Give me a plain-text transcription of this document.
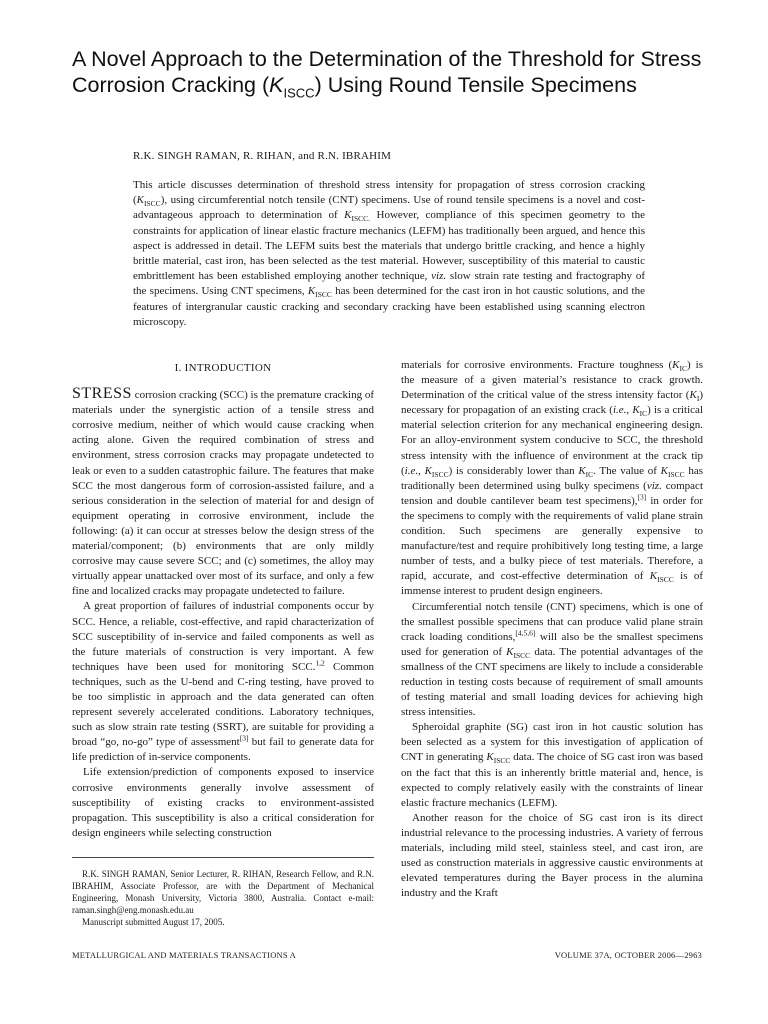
A Novel Approach to the Determination of the Threshold for Stress Corrosion Cracking $(K_{ISCC})$ Using Round Tensile Specimens
R.K. SINGH RAMAN, R. RIHAN, and R.N. IBRAHIM

This article discusses determination of threshold stress intensity for propagation of stress corrosion cracking $(K_{ISCC})$, using circumferential notch tensile (CNT) specimens. Use of round tensile specimens is a novel and cost-advantageous approach to determination of $K_{ISCC.}$ However, compliance of this specimen geometry to the constraints for application of linear elastic fracture mechanics (LEFM) has traditionally been argued, and hence this aspect is addressed in detail. The LEFM suits best the materials that undergo brittle cracking, and hence a highly brittle material, cast iron, has been selected as the test material. However, susceptibility of this material to caustic embrittlement has been established employing another technique, viz. slow strain rate testing and fractography of the specimens. Using CNT specimens, $K_{ISCC}$ has been determined for the cast iron in hot caustic solutions, and the features of intergranular caustic cracking and secondary cracking have been established using scanning electron microscopy.

I. INTRODUCTION

STRESS corrosion cracking (SCC) is the premature cracking of materials under the synergistic action of a tensile stress and corrosive medium, neither of which would cause cracking when acting alone. Given the required combination of stress and environment, stress corrosion cracks may propagate undetected to leak or even to a sudden catastrophic failure. The features that make SCC the most dangerous form of corrosion-assisted failure, and a serious consideration in the selection of material for and design of equipment operating in corrosive environment, include the following: (a) it can occur at stresses below the design stress of the material/component; (b) environments that are only mildly corrosive may cause severe SCC; and (c) sometimes, the alloy may virtually appear unattacked over most of its surface, and only a few fine and localized cracks may propagate undetected to failure.

A great proportion of failures of industrial components occur by SCC. Hence, a reliable, cost-effective, and rapid characterization of SCC susceptibility of in-service and failed components as well as the future materials of construction is very important. A few techniques have been used for monitoring SCC.$^{1,2}$ Common techniques, such as the U-bend and C-ring testing, have proved to be too simplistic in approach and the data generated can often represent severely accelerated conditions. Laboratory techniques, such as slow strain rate testing (SSRT), are suitable for providing a broad “go, no-go” type of assessment[3] but fail to generate data for life prediction of in-service components.

Life extension/prediction of components exposed to inservice corrosive environments generally involve assessment of susceptibility of existing cracks to environment-assisted propagation. This susceptibility is also a critical consideration for design engineers while selecting construction

materials for corrosive environments. Fracture toughness $(K_{IC})$ is the measure of a given material’s resistance to crack growth. Determination of the critical value of the stress intensity factor $(K_I)$ necessary for propagation of an existing crack (i.e., $K_{IC}$) is a critical material selection criterion for any mechanical engineering design. For an alloy-environment system conducive to SCC, the threshold stress intensity with the influence of environment at the crack tip (i.e., $K_{ISCC}$) is considerably lower than $K_{IC}$. The value of $K_{ISCC}$ has traditionally been determined using bulky specimens (viz. compact tension and double cantilever beam test specimens),[3] in order for the specimens to comply with the requirements of valid plane strain condition. Such specimens are generally expensive to manufacture/test and require prohibitively long testing time, a large number of tests, and a bulky piece of test materials. Therefore, a rapid, accurate, and cost-effective determination of $K_{ISCC}$ is of immense interest to prudent design engineers.

Circumferential notch tensile (CNT) specimens, which is one of the smallest possible specimens that can produce valid plane strain crack loading conditions,[4,5,6] will also be the smallest specimens used for generation of $K_{ISCC}$ data. The potential advantages of the smallness of the CNT specimens are likely to include a considerable reduction in testing costs because of requirement of small amounts of testing material and small loading devices for achieving high stress intensities.

Spheroidal graphite (SG) cast iron in hot caustic solution has been selected as a system for this investigation of application of CNT in generating $K_{ISCC}$ data. The choice of SG cast iron was based on the fact that this is an inherently brittle material and, hence, is expected to comply relatively easily with the constraints of linear elastic fracture mechanics (LEFM).

Another reason for the choice of SG cast iron is its direct industrial relevance to the processing industries. A variety of ferrous materials, including mild steel, stainless steel, and cast iron, are used as construction materials in aggressive caustic environments at elevated temperatures during the Bayer process in the alumina industry and the Kraft

R.K. SINGH RAMAN, Senior Lecturer, R. RIHAN, Research Fellow, and R.N. IBRAHIM, Associate Professor, are with the Department of Mechanical Engineering, Monash University, Victoria 3800, Australia. Contact e-mail: raman.singh@eng.monash.edu.au

Manuscript submitted August 17, 2005.

METALLURGICAL AND MATERIALS TRANSACTIONS A	VOLUME 37A, OCTOBER 2006—2963
